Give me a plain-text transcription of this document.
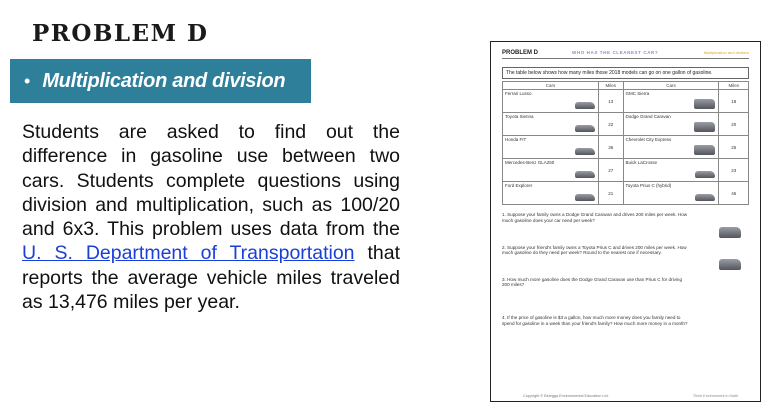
PROBLEM D
• Multiplication and division
Students are asked to find out the difference in gasoline use between two cars. Students complete questions using division and multiplication, such as 100/20 and 6x3. This problem uses data from the U. S. Department of Transportation that reports the average vehicle miles traveled as 13,476 miles per year.
PROBLEM D	WHO HAS THE CLEANEST CAR?	Multiplication and division
The table below shows how many miles those 2018 models can go on one gallon of gasoline.
Cars	Miles	Cars	Miles
Ferrari Lusso	13	GMC Sierra	18
Toyota Sienna	22	Dodge Grand Caravan	20
Honda FIT	36	Chevrolet City Express	25
Mercedes-Benz GLA250	27	Buick LaCrosse	23
Ford Explorer	21	Toyota Prius C (hybrid)	46
1. Suppose your family owns a Dodge Grand Caravan and drives 200 miles per week. How much gasoline does your car need per week?
2. Suppose your friend's family owns a Toyota Prius C and drives 200 miles per week. How much gasoline do they need per week? Round to the nearest one if necessary.
3. How much more gasoline does the Dodge Grand Caravan use than Prius C for driving 200 miles?
4. If the price of gasoline is $3 a gallon, how much more money does you family need to spend for gasoline in a week than your friend's family? How much more money in a month?
Copyright © Bluegga Environmental Education Ltd.	Think Environment in Math
